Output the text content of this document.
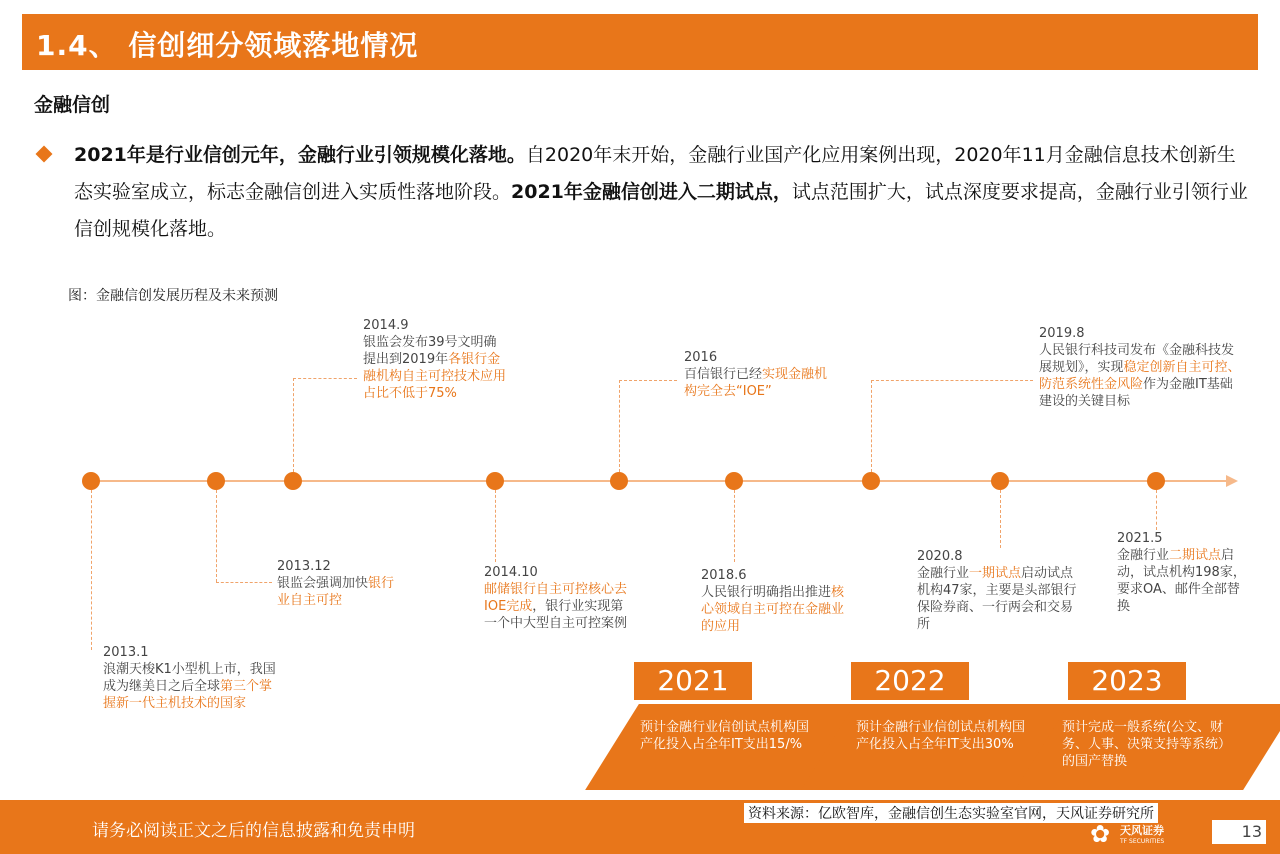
1.4、 信创细分领域落地情况
金融信创
2021年是行业信创元年，金融行业引领规模化落地。自2020年末开始，金融行业国产化应用案例出现，2020年11月金融信息技术创新生态实验室成立，标志金融信创进入实质性落地阶段。2021年金融信创进入二期试点，试点范围扩大，试点深度要求提高，金融行业引领行业信创规模化落地。
图：金融信创发展历程及未来预测
2013.1
浪潮天梭K1小型机上市，我国成为继美日之后全球第三个掌握新一代主机技术的国家
2013.12
银监会强调加快银行业自主可控
2014.9
银监会发布39号文明确提出到2019年各银行金融机构自主可控技术应用占比不低于75%
2014.10
邮储银行自主可控核心去IOE完成，银行业实现第一个中大型自主可控案例
2016
百信银行已经实现金融机构完全去“IOE”
2018.6
人民银行明确指出推进核心领域自主可控在金融业的应用
2019.8
人民银行科技司发布《金融科技发展规划》，实现稳定创新自主可控、防范系统性金风险作为金融IT基础建设的关键目标
2020.8
金融行业一期试点启动试点机构47家，主要是头部银行保险券商、一行两会和交易所
2021.5
金融行业二期试点启动，试点机构198家，要求OA、邮件全部替换
2021
预计金融行业信创试点机构国产化投入占全年IT支出15/%
2022
预计金融行业信创试点机构国产化投入占全年IT支出30%
2023
预计完成一般系统(公文、财务、人事、决策支持等系统）的国产替换
请务必阅读正文之后的信息披露和免责申明
资料来源：亿欧智库，金融信创生态实验室官网，天风证券研究所
✿ 天风证券
TF SECURITIES
13
